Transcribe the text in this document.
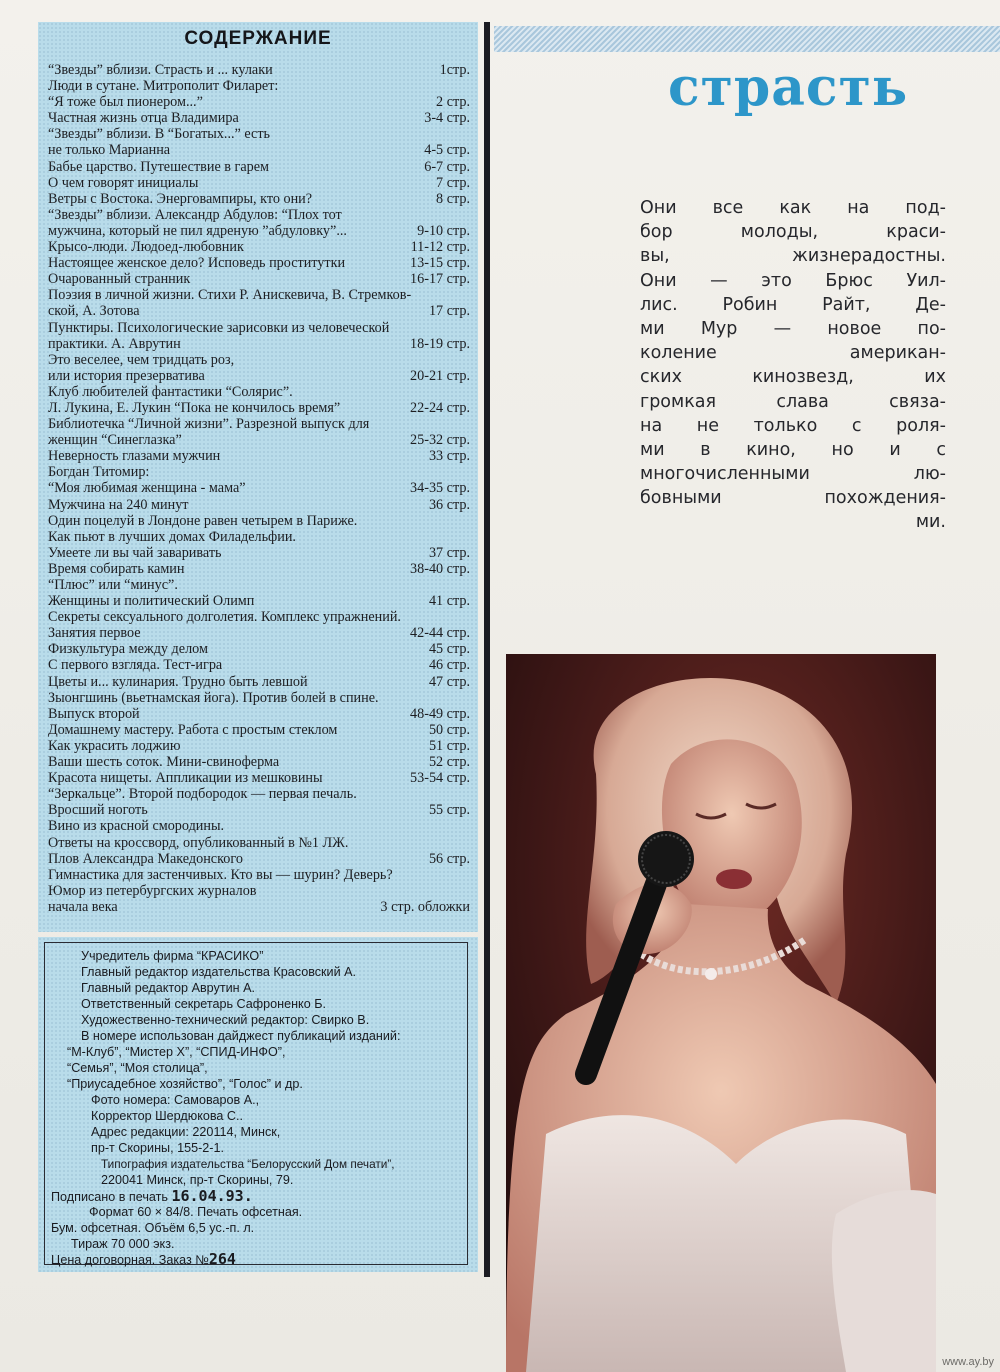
СОДЕРЖАНИЕ
“Звезды” вблизи. Страсть и ... кулаки	1стр.
Люди в сутане. Митрополит Филарет:
“Я тоже был пионером...”	2 стр.
Частная жизнь отца Владимира	3-4 стр.
“Звезды” вблизи. В “Богатых...” есть
не только Марианна	4-5 стр.
Бабье царство. Путешествие в гарем	6-7 стр.
О чем говорят инициалы	7 стр.
Ветры с Востока. Энерговампиры, кто они?	8 стр.
“Звезды” вблизи. Александр Абдулов: “Плох тот
мужчина, который не пил ядреную ”абдуловку”...	9-10 стр.
Крысо-люди. Людоед-любовник	11-12 стр.
Настоящее женское дело? Исповедь проститутки	13-15 стр.
Очарованный странник	16-17 стр.
Поэзия в личной жизни. Стихи Р. Анискевича, В. Стремков-
ской, А. Зотова	17 стр.
Пунктиры. Психологические зарисовки из человеческой
практики. А. Аврутин	18-19 стр.
Это веселее, чем тридцать роз,
или история презерватива	20-21 стр.
Клуб любителей фантастики “Солярис”.
Л. Лукина, Е. Лукин “Пока не кончилось время”	22-24 стр.
Библиотечка “Личной жизни”. Разрезной выпуск для
женщин “Синеглазка”	25-32 стр.
Неверность глазами мужчин	33 стр.
Богдан Титомир:
“Моя любимая женщина - мама”	34-35 стр.
Мужчина на 240 минут	36 стр.
Один поцелуй в Лондоне равен четырем в Париже.
Как пьют в лучших домах Филадельфии.
Умеете ли вы чай заваривать	37 стр.
Время собирать камин	38-40 стр.
“Плюс” или “минус”.
Женщины и политический Олимп	41 стр.
Секреты сексуального долголетия. Комплекс упражнений.
Занятия первое	42-44 стр.
Физкультура между делом	45 стр.
С первого взгляда. Тест-игра	46 стр.
Цветы и... кулинария. Трудно быть левшой	47 стр.
Зыонгшинь (вьетнамская йога). Против болей в спине.
Выпуск второй	48-49 стр.
Домашнему мастеру. Работа с простым стеклом	50 стр.
Как украсить лоджию	51 стр.
Ваши шесть соток. Мини-свиноферма	52 стр.
Красота нищеты. Аппликации из мешковины	53-54 стр.
“Зеркальце”. Второй подбородок — первая печаль.
Вросший ноготь	55 стр.
Вино из красной смородины.
Ответы на кроссворд, опубликованный в №1 ЛЖ.
Плов Александра Македонского	56 стр.
Гимнастика для застенчивых. Кто вы — шурин? Деверь?
Юмор из петербургских журналов
начала века	3 стр. обложки
Учредитель фирма “КРАСИКО”
Главный редактор издательства Красовский А.
Главный редактор Аврутин А.
Ответственный секретарь Сафроненко Б.
Художественно-технический редактор: Свирко В.
В номере использован дайджест публикаций изданий:
“М-Клуб”, “Мистер Х”, “СПИД-ИНФО”,
“Семья”, “Моя столица”,
“Приусадебное хозяйство”, “Голос” и др.
Фото номера: Самоваров А.,
Корректор Шердюкова С..
Адрес редакции: 220114, Минск,
пр-т Скорины, 155-2-1.
Типография издательства “Белорусский Дом печати”,
220041 Минск, пр-т Скорины, 79.
Подписано в печать 16.04.93.
Формат 60 × 84/8. Печать офсетная.
Бум. офсетная. Объём 6,5 уc.-п. л.
Тираж 70 000 экз.
Цена договорная. Заказ №264
страсть
Они все как на под-
бор молоды, краси-
вы, жизнерадостны.
Они — это Брюс Уил-
лис. Робин Райт, Де-
ми Мур — новое по-
коление американ-
ских кинозвезд, их
громкая слава связа-
на не только с роля-
ми в кино, но и с
многочисленными лю-
бовными похождения-
ми.
www.ay.by
